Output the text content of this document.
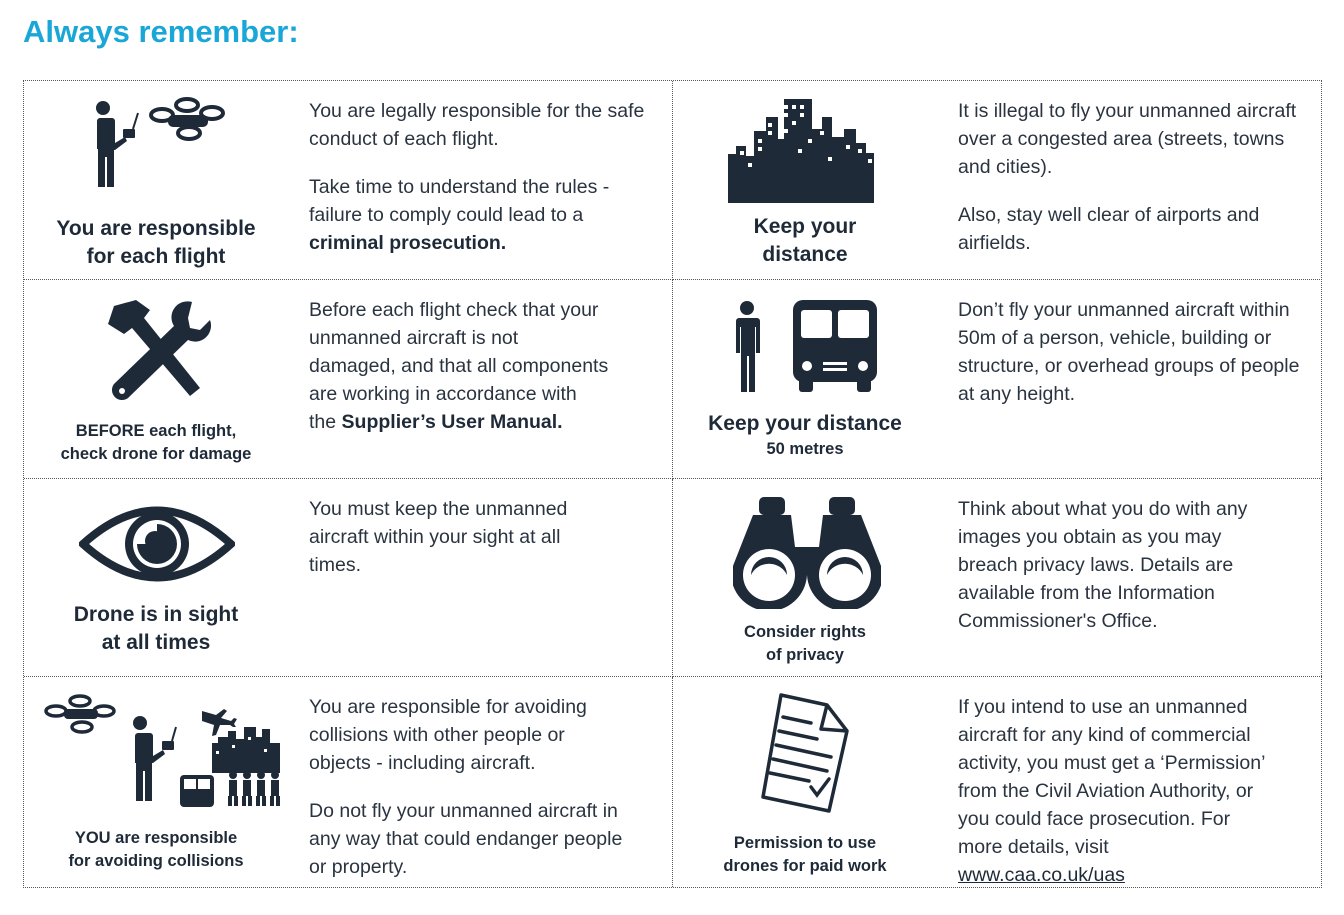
Always remember:

You are responsible
for each flight

You are legally responsible for the safe conduct of each flight.

Take time to understand the rules - failure to comply could lead to a criminal prosecution.

Keep your
distance

It is illegal to fly your unmanned aircraft over a congested area (streets, towns and cities).

Also, stay well clear of airports and airfields.

BEFORE each flight,
check drone for damage

Before each flight check that your unmanned aircraft is not damaged, and that all components are working in accordance with the Supplier’s User Manual.	Keep your distance
50 metres

Don’t fly your unmanned aircraft within 50m of a person, vehicle, building or structure, or overhead groups of people at any height.

Drone is in sight
at all times

You must keep the unmanned aircraft within your sight at all times.

Consider rights
of privacy

Think about what you do with any images you obtain as you may breach privacy laws. Details are available from the Information Commissioner's Office.

YOU are responsible
for avoiding collisions

You are responsible for avoiding collisions with other people or objects - including aircraft.

Do not fly your unmanned aircraft in any way that could endanger people or property.

Permission to use
drones for paid work

If you intend to use an unmanned aircraft for any kind of commercial activity, you must get a ‘Permission’ from the Civil Aviation Authority, or you could face prosecution. For more details, visit www.caa.co.uk/uas
